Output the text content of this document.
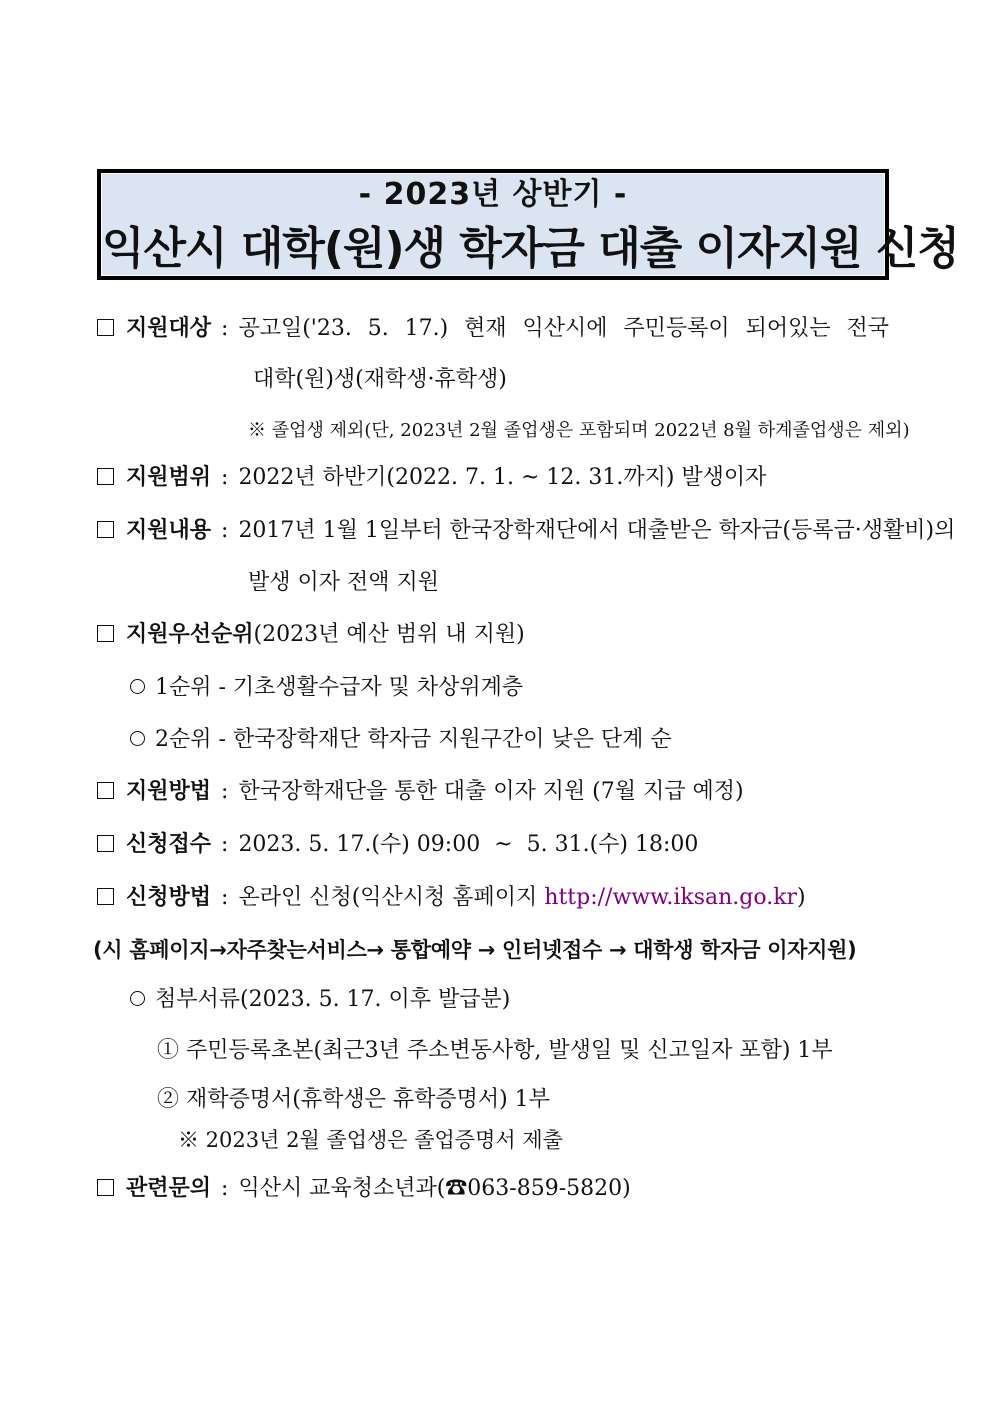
- 2023년 상반기 -
익산시 대학(원)생 학자금 대출 이자지원 신청
지원대상 : 공고일('23. 5. 17.) 현재 익산시에 주민등록이 되어있는 전국
대학(원)생(재학생·휴학생)
※ 졸업생 제외(단, 2023년 2월 졸업생은 포함되며 2022년 8월 하계졸업생은 제외)
지원범위 : 2022년 하반기(2022. 7. 1. ~ 12. 31.까지) 발생이자
지원내용 : 2017년 1월 1일부터 한국장학재단에서 대출받은 학자금(등록금·생활비)의
발생 이자 전액 지원
지원우선순위(2023년 예산 범위 내 지원)
1순위 - 기초생활수급자 및 차상위계층
2순위 - 한국장학재단 학자금 지원구간이 낮은 단계 순
지원방법 : 한국장학재단을 통한 대출 이자 지원 (7월 지급 예정)
신청접수 : 2023. 5. 17.(수) 09:00  ~  5. 31.(수) 18:00
신청방법 : 온라인 신청(익산시청 홈페이지 http://www.iksan.go.kr)
(시 홈페이지→자주찾는서비스→ 통합예약 → 인터넷접수 → 대학생 학자금 이자지원)
첨부서류(2023. 5. 17. 이후 발급분)
① 주민등록초본(최근3년 주소변동사항, 발생일 및 신고일자 포함) 1부
② 재학증명서(휴학생은 휴학증명서) 1부
※ 2023년 2월 졸업생은 졸업증명서 제출
관련문의 : 익산시 교육청소년과(☎063-859-5820)
